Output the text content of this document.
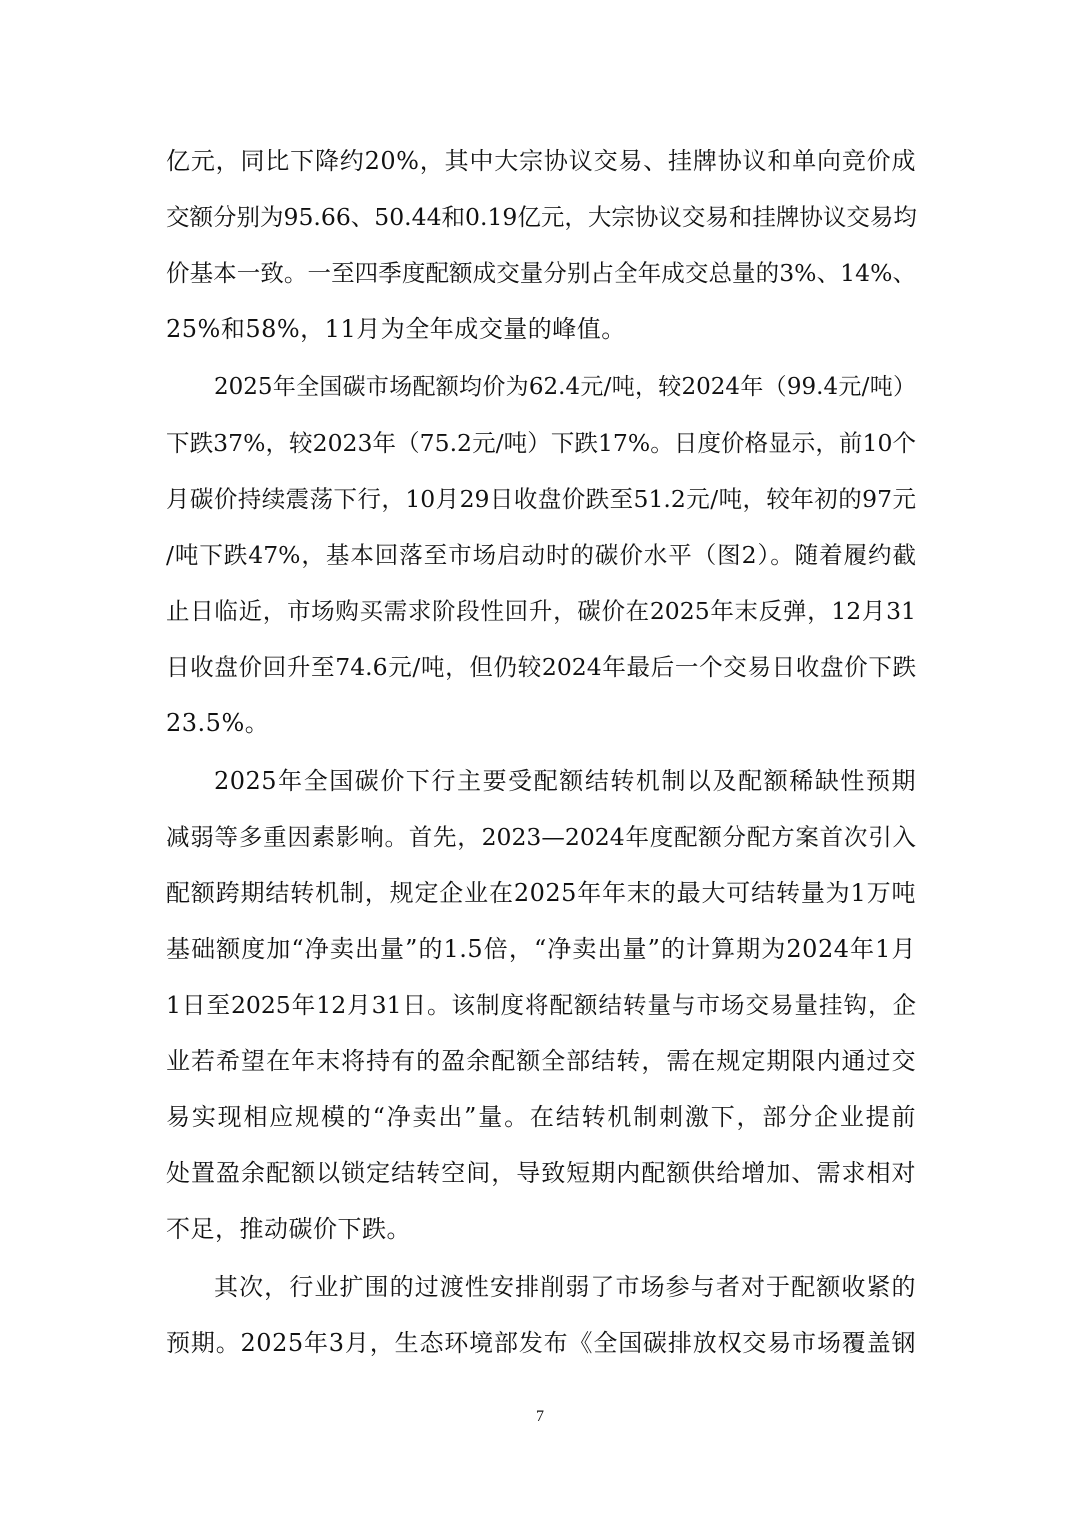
亿元，同比下降约20%，其中大宗协议交易、挂牌协议和单向竞价成
交额分别为95.66、50.44和0.19亿元，大宗协议交易和挂牌协议交易均
价基本一致。一至四季度配额成交量分别占全年成交总量的3%、14%、
25%和58%，11月为全年成交量的峰值。
2025年全国碳市场配额均价为62.4元/吨，较2024年（99.4元/吨）
下跌37%，较2023年（75.2元/吨）下跌17%。日度价格显示，前10个
月碳价持续震荡下行，10月29日收盘价跌至51.2元/吨，较年初的97元
/吨下跌47%，基本回落至市场启动时的碳价水平（图2）。随着履约截
止日临近，市场购买需求阶段性回升，碳价在2025年末反弹，12月31
日收盘价回升至74.6元/吨，但仍较2024年最后一个交易日收盘价下跌
23.5%。
2025年全国碳价下行主要受配额结转机制以及配额稀缺性预期
减弱等多重因素影响。首先，2023—2024年度配额分配方案首次引入
配额跨期结转机制，规定企业在2025年年末的最大可结转量为1万吨
基础额度加“净卖出量”的1.5倍，“净卖出量”的计算期为2024年1月
1日至2025年12月31日。该制度将配额结转量与市场交易量挂钩，企
业若希望在年末将持有的盈余配额全部结转，需在规定期限内通过交
易实现相应规模的“净卖出”量。在结转机制刺激下，部分企业提前
处置盈余配额以锁定结转空间，导致短期内配额供给增加、需求相对
不足，推动碳价下跌。
其次，行业扩围的过渡性安排削弱了市场参与者对于配额收紧的
预期。2025年3月，生态环境部发布《全国碳排放权交易市场覆盖钢
7
